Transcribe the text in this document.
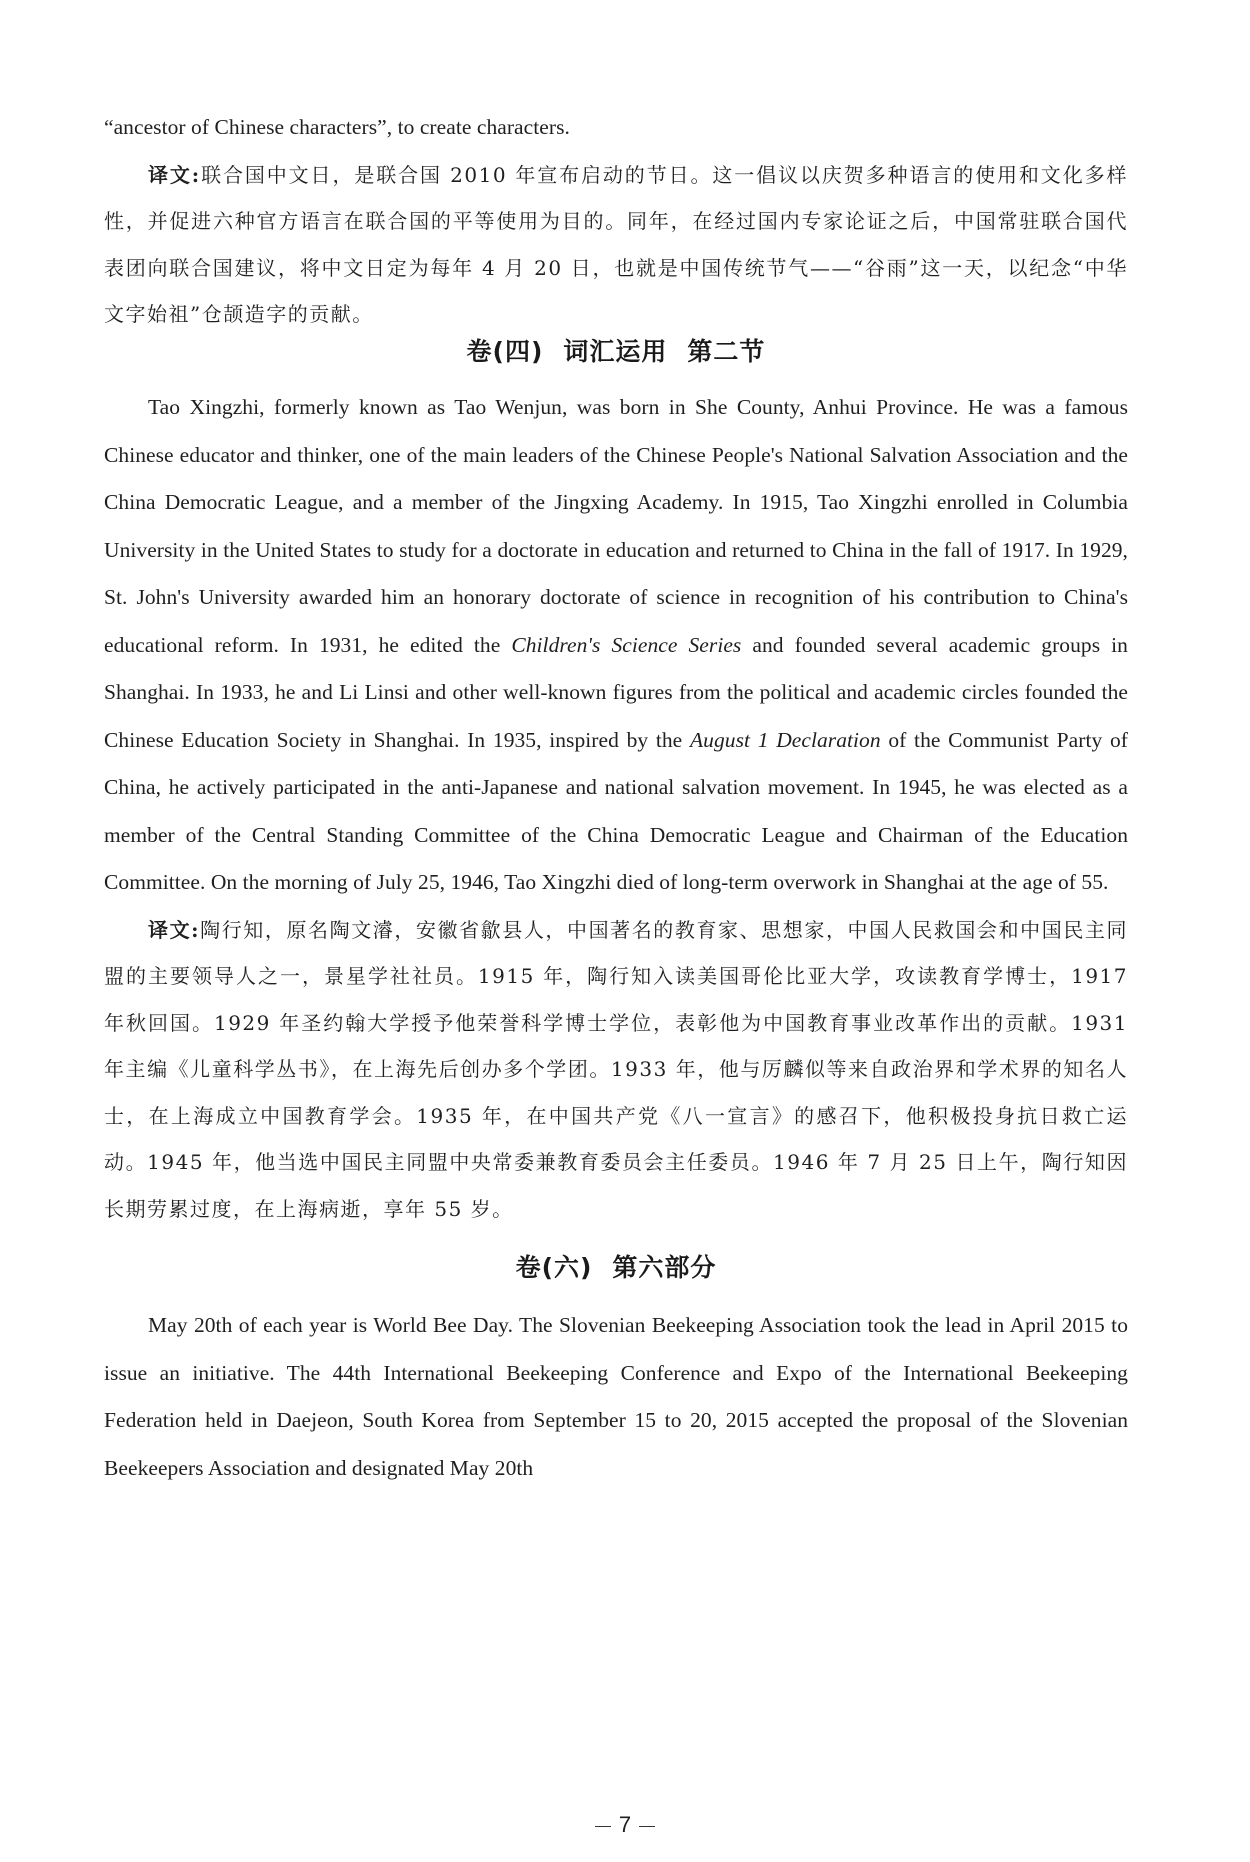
“ancestor of Chinese characters”, to create characters.

译文:联合国中文日，是联合国 2010 年宣布启动的节日。这一倡议以庆贺多种语言的使用和文化多样性，并促进六种官方语言在联合国的平等使用为目的。同年，在经过国内专家论证之后，中国常驻联合国代表团向联合国建议，将中文日定为每年 4 月 20 日，也就是中国传统节气——“谷雨”这一天，以纪念“中华文字始祖”仓颉造字的贡献。

卷(四) 词汇运用 第二节

Tao Xingzhi, formerly known as Tao Wenjun, was born in She County, Anhui Province. He was a famous Chinese educator and thinker, one of the main leaders of the Chinese People's National Salvation Association and the China Democratic League, and a member of the Jingxing Academy. In 1915, Tao Xingzhi enrolled in Columbia University in the United States to study for a doctorate in education and returned to China in the fall of 1917. In 1929, St. John's University awarded him an honorary doctorate of science in recognition of his contribution to China's educational reform. In 1931, he edited the Children's Science Series and founded several academic groups in Shanghai. In 1933, he and Li Linsi and other well-known figures from the political and academic circles founded the Chinese Education Society in Shanghai. In 1935, inspired by the August 1 Declaration of the Communist Party of China, he actively participated in the anti-Japanese and national salvation movement. In 1945, he was elected as a member of the Central Standing Committee of the China Democratic League and Chairman of the Education Committee. On the morning of July 25, 1946, Tao Xingzhi died of long-term overwork in Shanghai at the age of 55.

译文:陶行知，原名陶文濬，安徽省歙县人，中国著名的教育家、思想家，中国人民救国会和中国民主同盟的主要领导人之一，景星学社社员。1915 年，陶行知入读美国哥伦比亚大学，攻读教育学博士，1917 年秋回国。1929 年圣约翰大学授予他荣誉科学博士学位，表彰他为中国教育事业改革作出的贡献。1931 年主编《儿童科学丛书》，在上海先后创办多个学团。1933 年，他与厉麟似等来自政治界和学术界的知名人士，在上海成立中国教育学会。1935 年，在中国共产党《八一宣言》的感召下，他积极投身抗日救亡运动。1945 年，他当选中国民主同盟中央常委兼教育委员会主任委员。1946 年 7 月 25 日上午，陶行知因长期劳累过度，在上海病逝，享年 55 岁。

卷(六) 第六部分

May 20th of each year is World Bee Day. The Slovenian Beekeeping Association took the lead in April 2015 to issue an initiative. The 44th International Beekeeping Conference and Expo of the International Beekeeping Federation held in Daejeon, South Korea from September 15 to 20, 2015 accepted the proposal of the Slovenian Beekeepers Association and designated May 20th

7
